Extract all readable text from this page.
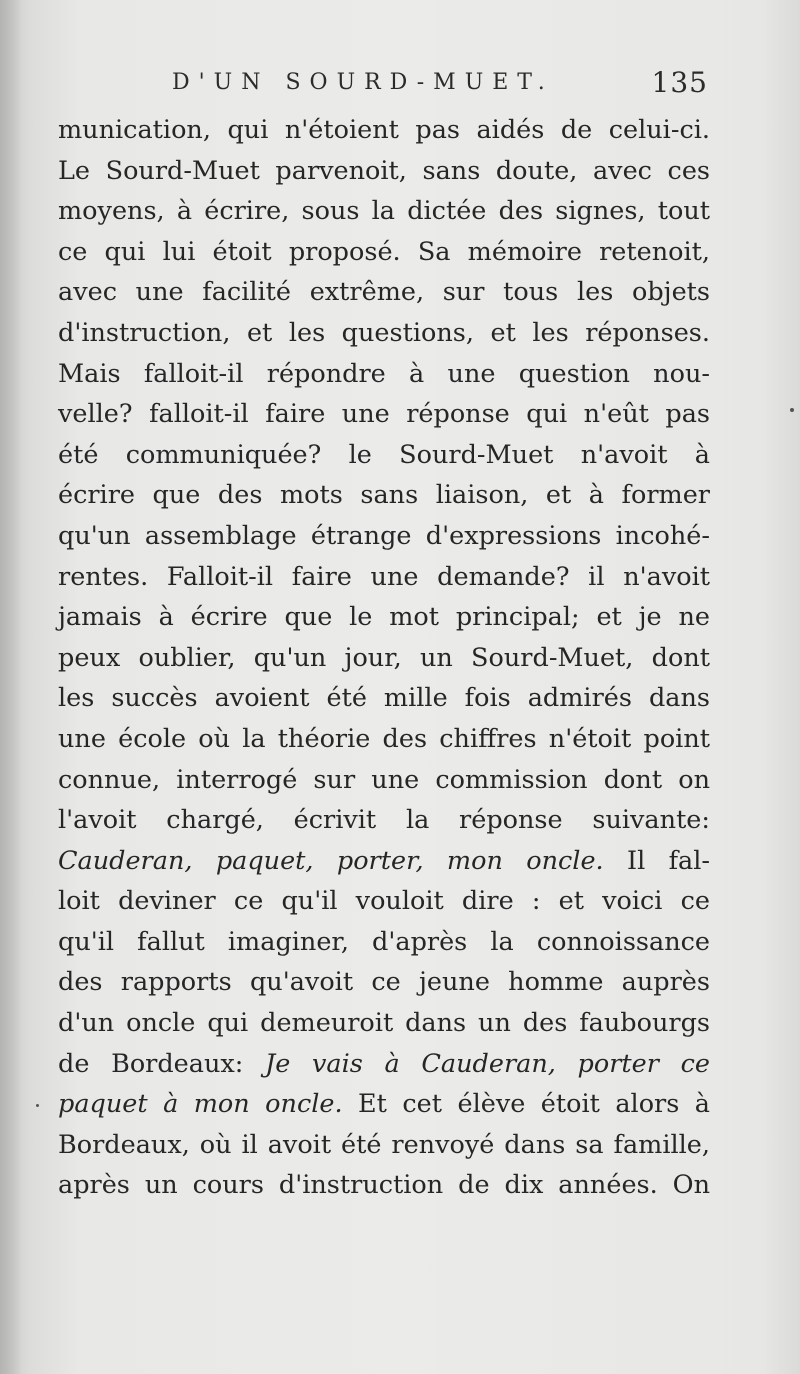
D'UN SOURD-MUET.	135
munication, qui n'étoient pas aidés de celui-ci.
Le Sourd-Muet parvenoit, sans doute, avec ces
moyens, à écrire, sous la dictée des signes, tout
ce qui lui étoit proposé. Sa mémoire retenoit,
avec une facilité extrême, sur tous les objets
d'instruction, et les questions, et les réponses.
Mais falloit-il répondre à une question nou-
velle? falloit-il faire une réponse qui n'eût pas
été communiquée? le Sourd-Muet n'avoit à
écrire que des mots sans liaison, et à former
qu'un assemblage étrange d'expressions incohé-
rentes. Falloit-il faire une demande? il n'avoit
jamais à écrire que le mot principal; et je ne
peux oublier, qu'un jour, un Sourd-Muet, dont
les succès avoient été mille fois admirés dans
une école où la théorie des chiffres n'étoit point
connue, interrogé sur une commission dont on
l'avoit chargé, écrivit la réponse suivante:
Cauderan, paquet, porter, mon oncle. Il fal-
loit deviner ce qu'il vouloit dire : et voici ce
qu'il fallut imaginer, d'après la connoissance
des rapports qu'avoit ce jeune homme auprès
d'un oncle qui demeuroit dans un des faubourgs
de Bordeaux: Je vais à Cauderan, porter ce
paquet à mon oncle. Et cet élève étoit alors à
Bordeaux, où il avoit été renvoyé dans sa famille,
après un cours d'instruction de dix années. On
